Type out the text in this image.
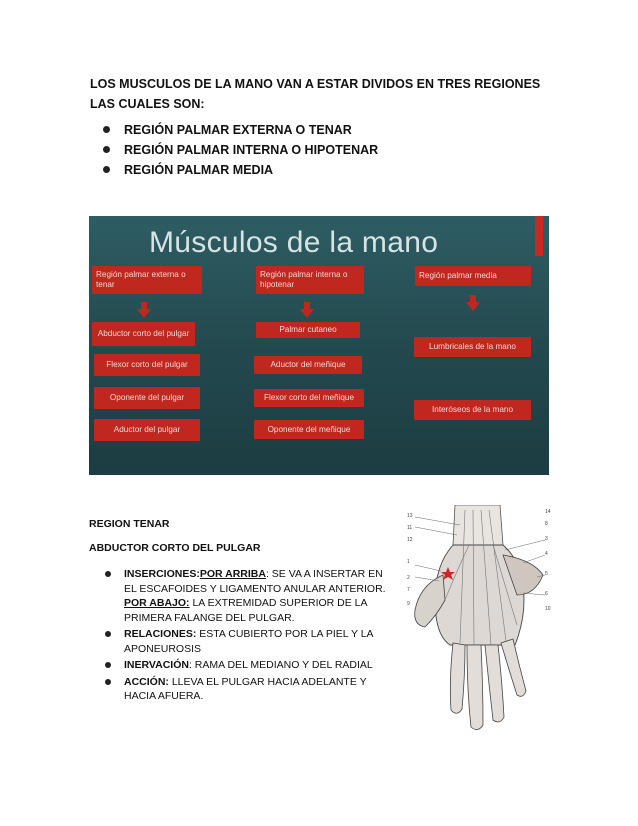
LOS MUSCULOS DE LA MANO VAN A ESTAR DIVIDOS EN TRES REGIONES LAS CUALES SON:

REGIÓN PALMAR EXTERNA O TENAR
REGIÓN PALMAR INTERNA O HIPOTENAR
REGIÓN PALMAR MEDIA
Músculos de la mano
Región palmar externa o tenar
Abductor corto del pulgar
Flexor corto del pulgar
Oponente del pulgar
Aductor del pulgar
Región palmar interna o hipotenar
Palmar cutaneo
Aductor del meñique
Flexor corto del meñique
Oponente del meñique
Región palmar media
Lumbricales de la mano
Interóseos de la mano
REGION TENAR
ABDUCTOR CORTO DEL PULGAR
INSERCIONES:POR ARRIBA: SE VA A INSERTAR EN EL ESCAFOIDES Y LIGAMENTO ANULAR ANTERIOR. POR ABAJO: LA EXTREMIDAD SUPERIOR DE LA PRIMERA FALANGE DEL PULGAR.
RELACIONES: ESTA CUBIERTO POR LA PIEL Y LA APONEUROSIS
INERVACIÓN: RAMA DEL MEDIANO Y DEL RADIAL
ACCIÓN: LLEVA EL PULGAR HACIA ADELANTE Y HACIA AFUERA.
13
11
1
2
3
4
5
6
7
8
9
10
12
14
